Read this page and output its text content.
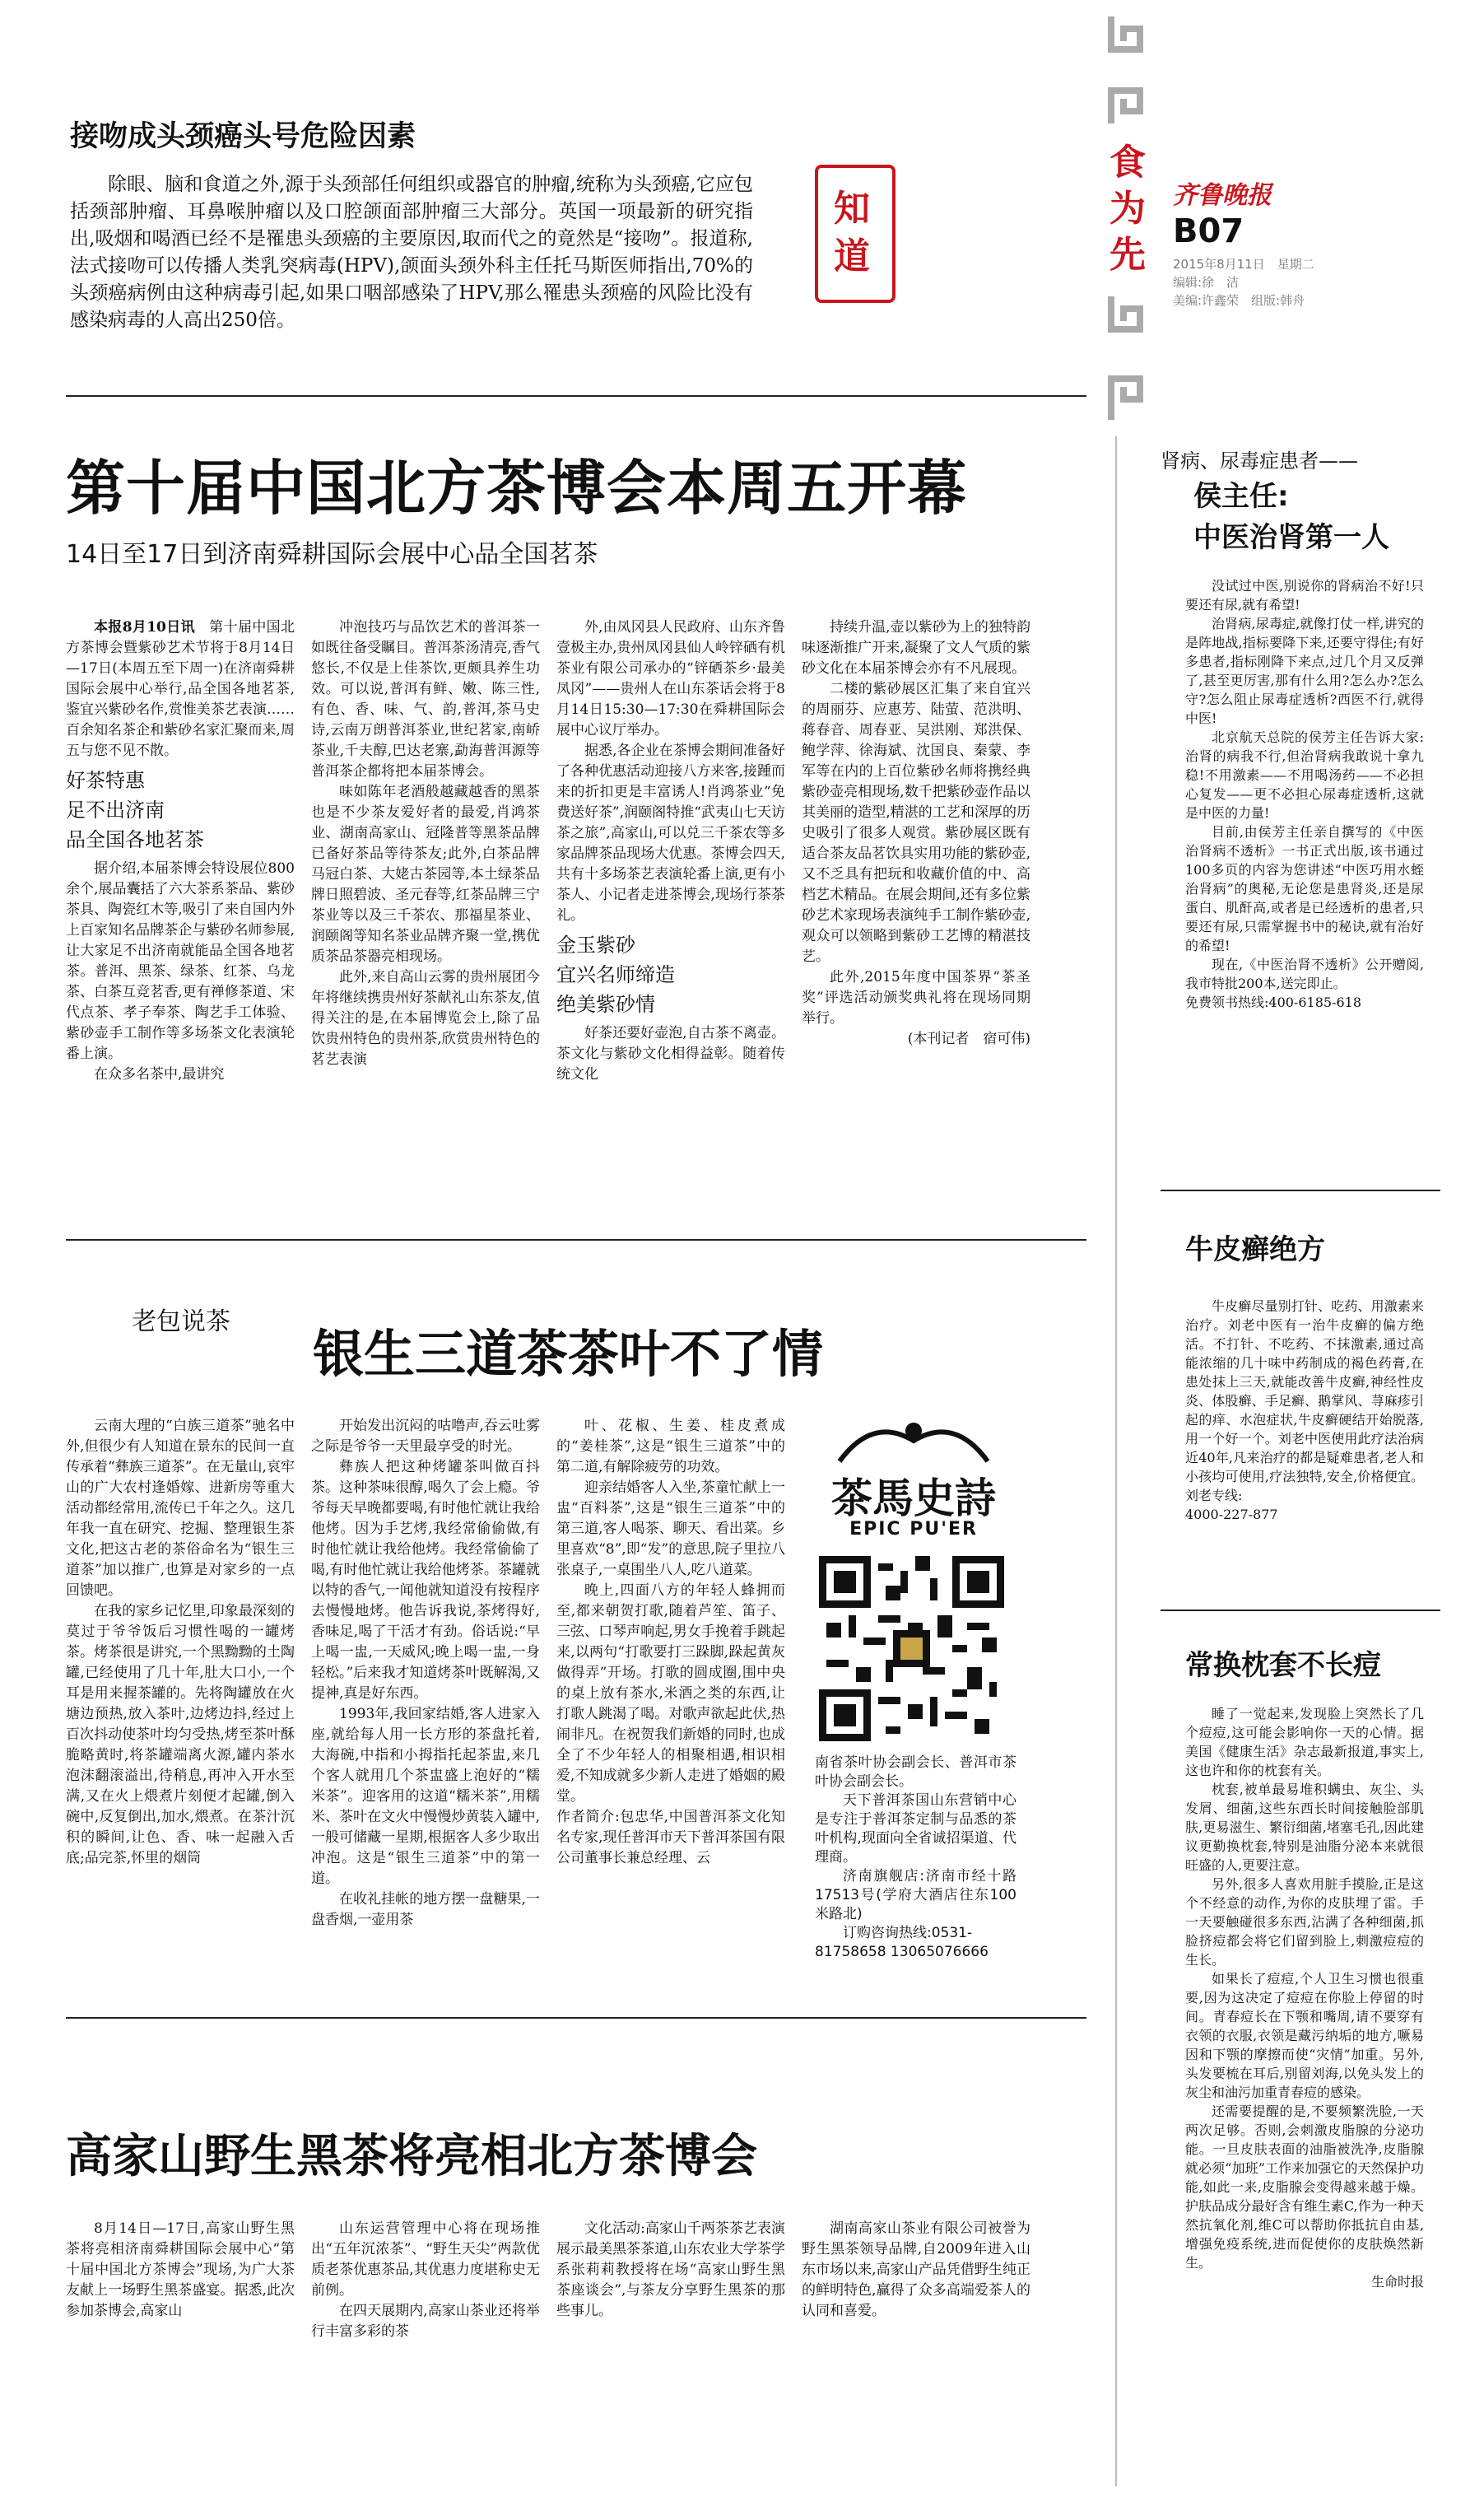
食为先
齐鲁晚报
B07
2015年8月11日　星期二
编辑:徐　洁
美编:许鑫荣　组版:韩舟
接吻成头颈癌头号危险因素
除眼、脑和食道之外,源于头颈部任何组织或器官的肿瘤,统称为头颈癌,它应包括颈部肿瘤、耳鼻喉肿瘤以及口腔颌面部肿瘤三大部分。英国一项最新的研究指出,吸烟和喝酒已经不是罹患头颈癌的主要原因,取而代之的竟然是“接吻”。报道称,法式接吻可以传播人类乳突病毒(HPV),颌面头颈外科主任托马斯医师指出,70%的头颈癌病例由这种病毒引起,如果口咽部感染了HPV,那么罹患头颈癌的风险比没有感染病毒的人高出250倍。
知道
第十届中国北方茶博会本周五开幕
14日至17日到济南舜耕国际会展中心品全国茗茶

本报8月10日讯　 第十届中国北方茶博会暨紫砂艺术节将于8月14日—17日(本周五至下周一)在济南舜耕国际会展中心举行,品全国各地茗茶,鉴宜兴紫砂名作,赏惟美茶艺表演……百余知名茶企和紫砂名家汇聚而来,周五与您不见不散。

好茶特惠
足不出济南
品全国各地茗茶

据介绍,本届茶博会特设展位800余个,展品囊括了六大茶系茶品、紫砂茶具、陶瓷红木等,吸引了来自国内外上百家知名品牌茶企与紫砂名师参展,让大家足不出济南就能品全国各地茗茶。普洱、黑茶、绿茶、红茶、乌龙茶、白茶互竞茗香,更有禅修茶道、宋代点茶、孝子奉茶、陶艺手工体验、紫砂壶手工制作等多场茶文化表演轮番上演。

在众多名茶中,最讲究

冲泡技巧与品饮艺术的普洱茶一如既往备受瞩目。普洱茶汤清亮,香气悠长,不仅是上佳茶饮,更颇具养生功效。可以说,普洱有鲜、嫩、陈三性,有色、香、味、气、韵,普洱,茶马史诗,云南万朗普洱茶业,世纪茗家,南峤茶业,千夫醇,巴达老寨,勐海普洱源等普洱茶企都将把本届茶博会。

味如陈年老酒般越藏越香的黑茶也是不少茶友爱好者的最爱,肖鸿茶业、湖南高家山、冠隆普等黑茶品牌已备好茶品等待茶友;此外,白茶品牌马冠白茶、大姥古茶园等,本土绿茶品牌日照碧波、圣元春等,红茶品牌三宁茶业等以及三千茶农、那福星茶业、润颐阁等知名茶业品牌齐聚一堂,携优质茶品茶器亮相现场。

此外,来自高山云雾的贵州展团今年将继续携贵州好茶献礼山东茶友,值得关注的是,在本届博览会上,除了品饮贵州特色的贵州茶,欣赏贵州特色的茗艺表演

外,由凤冈县人民政府、山东齐鲁壹极主办,贵州凤冈县仙人岭锌硒有机茶业有限公司承办的“锌硒茶乡·最美凤冈”——贵州人在山东茶话会将于8月14日15:30—17:30在舜耕国际会展中心议厅举办。

据悉,各企业在茶博会期间准备好了各种优惠活动迎接八方来客,接踵而来的折扣更是丰富诱人!肖鸿茶业“免费送好茶”,润颐阁特推“武夷山七天访茶之旅”,高家山,可以兑三千茶农等多家品牌茶品现场大优惠。茶博会四天,共有十多场茶艺表演轮番上演,更有小茶人、小记者走进茶博会,现场行茶茶礼。

金玉紫砂
宜兴名师缔造
绝美紫砂情

好茶还要好壶泡,自古茶不离壶。茶文化与紫砂文化相得益彰。随着传统文化

持续升温,壶以紫砂为上的独特韵味逐渐推广开来,凝聚了文人气质的紫砂文化在本届茶博会亦有不凡展现。

二楼的紫砂展区汇集了来自宜兴的周丽芬、应惠芳、陆萤、范洪明、蒋春音、周春亚、吴洪刚、郑洪保、鲍学萍、徐海斌、沈国良、秦蒙、李军等在内的上百位紫砂名师将携经典紫砂壶亮相现场,数千把紫砂壶作品以其美丽的造型,精湛的工艺和深厚的历史吸引了很多人观赏。紫砂展区既有适合茶友品茗饮具实用功能的紫砂壶,又不乏具有把玩和收藏价值的中、高档艺术精品。在展会期间,还有多位紫砂艺术家现场表演纯手工制作紫砂壶,观众可以领略到紫砂工艺博的精湛技艺。

此外,2015年度中国茶界“茶圣奖”评选活动颁奖典礼将在现场同期举行。

(本刊记者　宿可伟)
老包说茶
银生三道茶茶叶不了情

云南大理的“白族三道茶”驰名中外,但很少有人知道在景东的民间一直传承着“彝族三道茶”。在无量山,哀牢山的广大农村逢婚嫁、进新房等重大活动都经常用,流传已千年之久。这几年我一直在研究、挖掘、整理银生茶文化,把这古老的茶俗命名为“银生三道茶”加以推广,也算是对家乡的一点回馈吧。

在我的家乡记忆里,印象最深刻的莫过于爷爷饭后习惯性喝的一罐烤茶。烤茶很是讲究,一个黑黝黝的土陶罐,已经使用了几十年,肚大口小,一个耳是用来握茶罐的。先将陶罐放在火塘边预热,放入茶叶,边烤边抖,经过上百次抖动使茶叶均匀受热,烤至茶叶酥脆略黄时,将茶罐端离火源,罐内茶水泡沫翻滚溢出,待稍息,再冲入开水至满,又在火上煨煮片刻便才起罐,倒入碗中,反复倒出,加水,煨煮。在茶汁沉积的瞬间,让色、香、味一起融入舌底;品完茶,怀里的烟筒

开始发出沉闷的咕噜声,吞云吐雾之际是爷爷一天里最享受的时光。

彝族人把这种烤罐茶叫做百抖茶。这种茶味很醇,喝久了会上瘾。爷爷每天早晚都要喝,有时他忙就让我给他烤。因为手艺烤,我经常偷偷做,有时他忙就让我给他烤。我经常偷偷了喝,有时他忙就让我给他烤茶。茶罐就以特的香气,一闻他就知道没有按程序去慢慢地烤。他告诉我说,茶烤得好,香味足,喝了干活才有劲。俗话说:“早上喝一盅,一天威风;晚上喝一盅,一身轻松。”后来我才知道烤茶叶既解渴,又提神,真是好东西。

1993年,我回家结婚,客人进家入座,就给每人用一长方形的茶盘托着,大海碗,中指和小拇指托起茶盅,来几个客人就用几个茶盅盛上泡好的“糯米茶”。迎客用的这道“糯米茶”,用糯米、茶叶在文火中慢慢炒黄装入罐中,一般可储藏一星期,根据客人多少取出冲泡。这是“银生三道茶”中的第一道。

在收礼挂帐的地方摆一盘糖果,一盘香烟,一壶用茶

叶、花椒、生姜、桂皮煮成的“姜桂茶”,这是“银生三道茶”中的第二道,有解除疲劳的功效。

迎亲结婚客人入坐,茶童忙献上一盅“百料茶”,这是“银生三道茶”中的第三道,客人喝茶、聊天、看出菜。乡里喜欢“8”,即“发”的意思,院子里拉八张桌子,一桌围坐八人,吃八道菜。

晚上,四面八方的年轻人蜂拥而至,都来朝贺打歌,随着芦笙、笛子、三弦、口琴声响起,男女手挽着手跳起来,以两句“打歌要打三跺脚,跺起黄灰做得弄”开场。打歌的圆成圈,围中央的桌上放有茶水,米酒之类的东西,让打歌人跳渴了喝。对歌声欲起此伏,热闹非凡。在祝贺我们新婚的同时,也成全了不少年轻人的相聚相遇,相识相爱,不知成就多少新人走进了婚姻的殿堂。

作者简介:包忠华,中国普洱茶文化知名专家,现任普洱市天下普洱茶国有限公司董事长兼总经理、云

茶馬史詩
EPIC PU'ER
南省茶叶协会副会长、普洱市茶叶协会副会长。
天下普洱茶国山东营销中心是专注于普洱茶定制与品悉的茶叶机构,现面向全省诚招渠道、代理商。
济南旗舰店:济南市经十路17513号(学府大酒店往东100米路北)
订购咨询热线:0531-
81758658 13065076666
高家山野生黑茶将亮相北方茶博会

8月14日—17日,高家山野生黑茶将亮相济南舜耕国际会展中心“第十届中国北方茶博会”现场,为广大茶友献上一场野生黑茶盛宴。据悉,此次参加茶博会,高家山

山东运营管理中心将在现场推出“五年沉浓茶”、“野生天尖”两款优质老茶优惠茶品,其优惠力度堪称史无前例。

在四天展期内,高家山茶业还将举行丰富多彩的茶

文化活动:高家山千两茶茶艺表演展示最美黑茶茶道,山东农业大学茶学系张莉莉教授将在场“高家山野生黑茶座谈会”,与茶友分享野生黑茶的那些事儿。

湖南高家山茶业有限公司被誉为野生黑茶领导品牌,自2009年进入山东市场以来,高家山产品凭借野生纯正的鲜明特色,赢得了众多高端爱茶人的认同和喜爱。

肾病、尿毒症患者——
侯主任:
中医治肾第一人

没试过中医,别说你的肾病治不好!只要还有尿,就有希望!

治肾病,尿毒症,就像打仗一样,讲究的是阵地战,指标要降下来,还要守得住;有好多患者,指标刚降下来点,过几个月又反弹了,甚至更厉害,那有什么用?怎么办?怎么守?怎么阻止尿毒症透析?西医不行,就得中医!

北京航天总院的侯芳主任告诉大家:治肾的病我不行,但治肾病我敢说十拿九稳!不用激素——不用喝汤药——不必担心复发——更不必担心尿毒症透析,这就是中医的力量!

目前,由侯芳主任亲自撰写的《中医治肾病不透析》一书正式出版,该书通过100多页的内容为您讲述“中医巧用水蛭治肾病”的奥秘,无论您是患肾炎,还是尿蛋白、肌酐高,或者是已经透析的患者,只要还有尿,只需掌握书中的秘诀,就有治好的希望!

现在,《中医治肾不透析》公开赠阅,我市特批200本,送完即止。

免费领书热线:400-6185-618
牛皮癣绝方

牛皮癣尽量别打针、吃药、用激素来治疗。刘老中医有一治牛皮癣的偏方绝活。不打针、不吃药、不抹激素,通过高能浓缩的几十味中药制成的褐色药膏,在患处抹上三天,就能改善牛皮癣,神经性皮炎、体股癣、手足癣、鹅掌风、荨麻疹引起的痒、水泡症状,牛皮癣硬结开始脱落,用一个好一个。刘老中医使用此疗法治病近40年,凡来治疗的都是疑难患者,老人和小孩均可使用,疗法独特,安全,价格便宜。刘老专线:

4000-227-877
常换枕套不长痘

睡了一觉起来,发现脸上突然长了几个痘痘,这可能会影响你一天的心情。据美国《健康生活》杂志最新报道,事实上,这也许和你的枕套有关。

枕套,被单最易堆积螨虫、灰尘、头发屑、细菌,这些东西长时间接触脸部肌肤,更易滋生、繁衍细菌,堵塞毛孔,因此建议更勤换枕套,特别是油脂分泌本来就很旺盛的人,更要注意。

另外,很多人喜欢用脏手摸脸,正是这个不经意的动作,为你的皮肤埋了雷。手一天要触碰很多东西,沾满了各种细菌,抓脸挤痘都会将它们留到脸上,刺激痘痘的生长。

如果长了痘痘,个人卫生习惯也很重要,因为这决定了痘痘在你脸上停留的时间。青春痘长在下颚和嘴周,请不要穿有衣领的衣服,衣领是藏污纳垢的地方,噘易因和下颚的摩擦而使“灾情”加重。另外,头发要梳在耳后,别留刘海,以免头发上的灰尘和油污加重青春痘的感染。

还需要提醒的是,不要频繁洗脸,一天两次足够。否则,会刺激皮脂腺的分泌功能。一旦皮肤表面的油脂被洗净,皮脂腺就必须“加班”工作来加强它的天然保护功能,如此一来,皮脂腺会变得越来越于燥。护肤品成分最好含有维生素C,作为一种天然抗氧化剂,维C可以帮助你抵抗自由基,增强免疫系统,进而促使你的皮肤焕然新生。

生命时报
